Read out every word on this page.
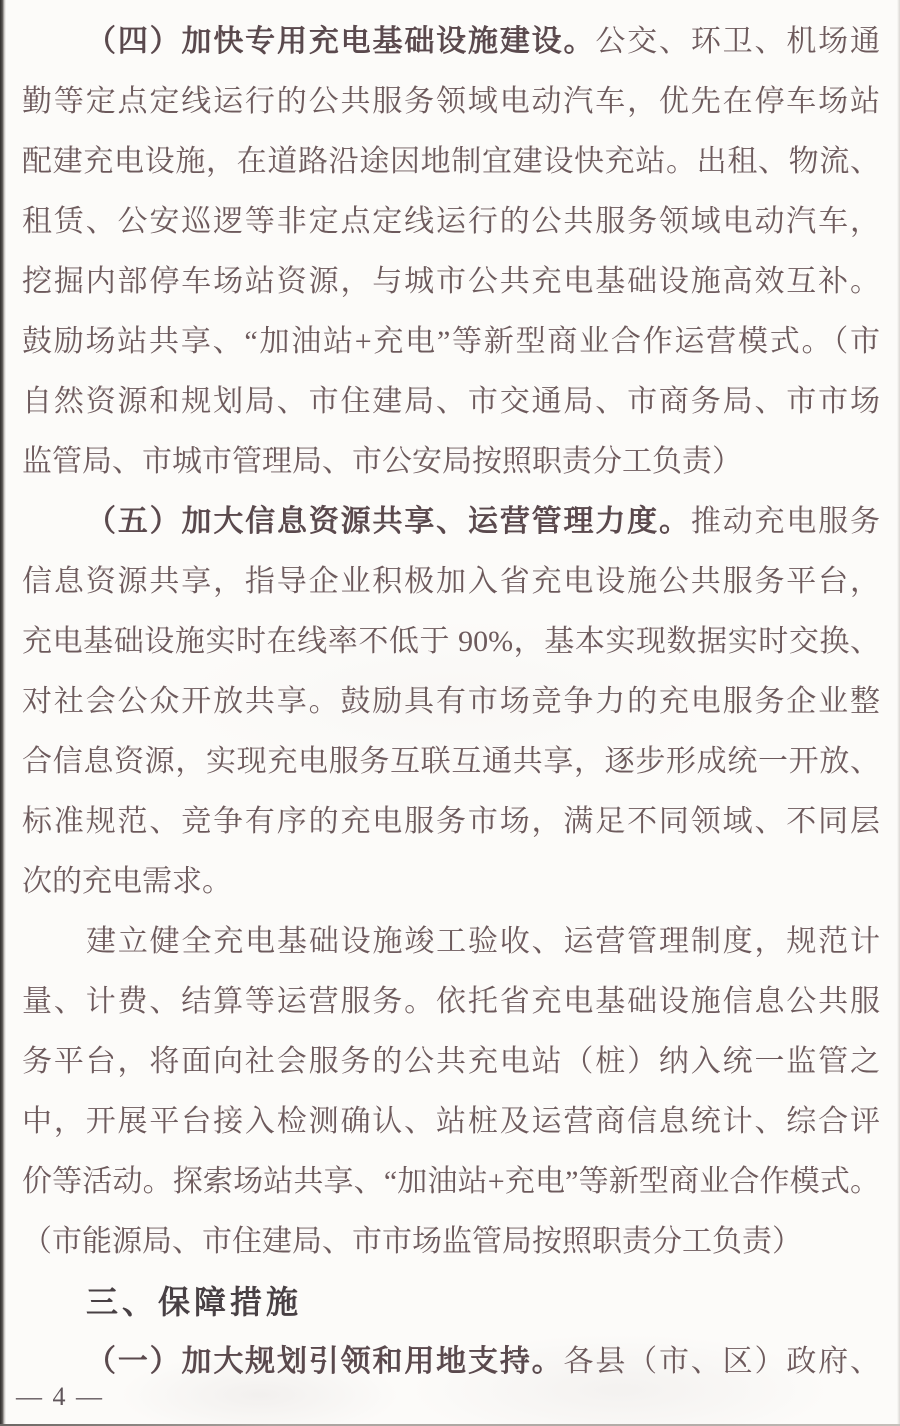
（四）加快专用充电基础设施建设。公交、环卫、机场通
勤等定点定线运行的公共服务领域电动汽车，优先在停车场站
配建充电设施，在道路沿途因地制宜建设快充站。出租、物流、
租赁、公安巡逻等非定点定线运行的公共服务领域电动汽车，
挖掘内部停车场站资源，与城市公共充电基础设施高效互补。
鼓励场站共享、“加油站+充电”等新型商业合作运营模式。（市
自然资源和规划局、市住建局、市交通局、市商务局、市市场
监管局、市城市管理局、市公安局按照职责分工负责）
（五）加大信息资源共享、运营管理力度。推动充电服务
信息资源共享，指导企业积极加入省充电设施公共服务平台，
充电基础设施实时在线率不低于 90%，基本实现数据实时交换、
对社会公众开放共享。鼓励具有市场竞争力的充电服务企业整
合信息资源，实现充电服务互联互通共享，逐步形成统一开放、
标准规范、竞争有序的充电服务市场，满足不同领域、不同层
次的充电需求。
建立健全充电基础设施竣工验收、运营管理制度，规范计
量、计费、结算等运营服务。依托省充电基础设施信息公共服
务平台，将面向社会服务的公共充电站（桩）纳入统一监管之
中，开展平台接入检测确认、站桩及运营商信息统计、综合评
价等活动。探索场站共享、“加油站+充电”等新型商业合作模式。
（市能源局、市住建局、市市场监管局按照职责分工负责）
三、保障措施
（一）加大规划引领和用地支持。各县（市、区）政府、
— 4 —
